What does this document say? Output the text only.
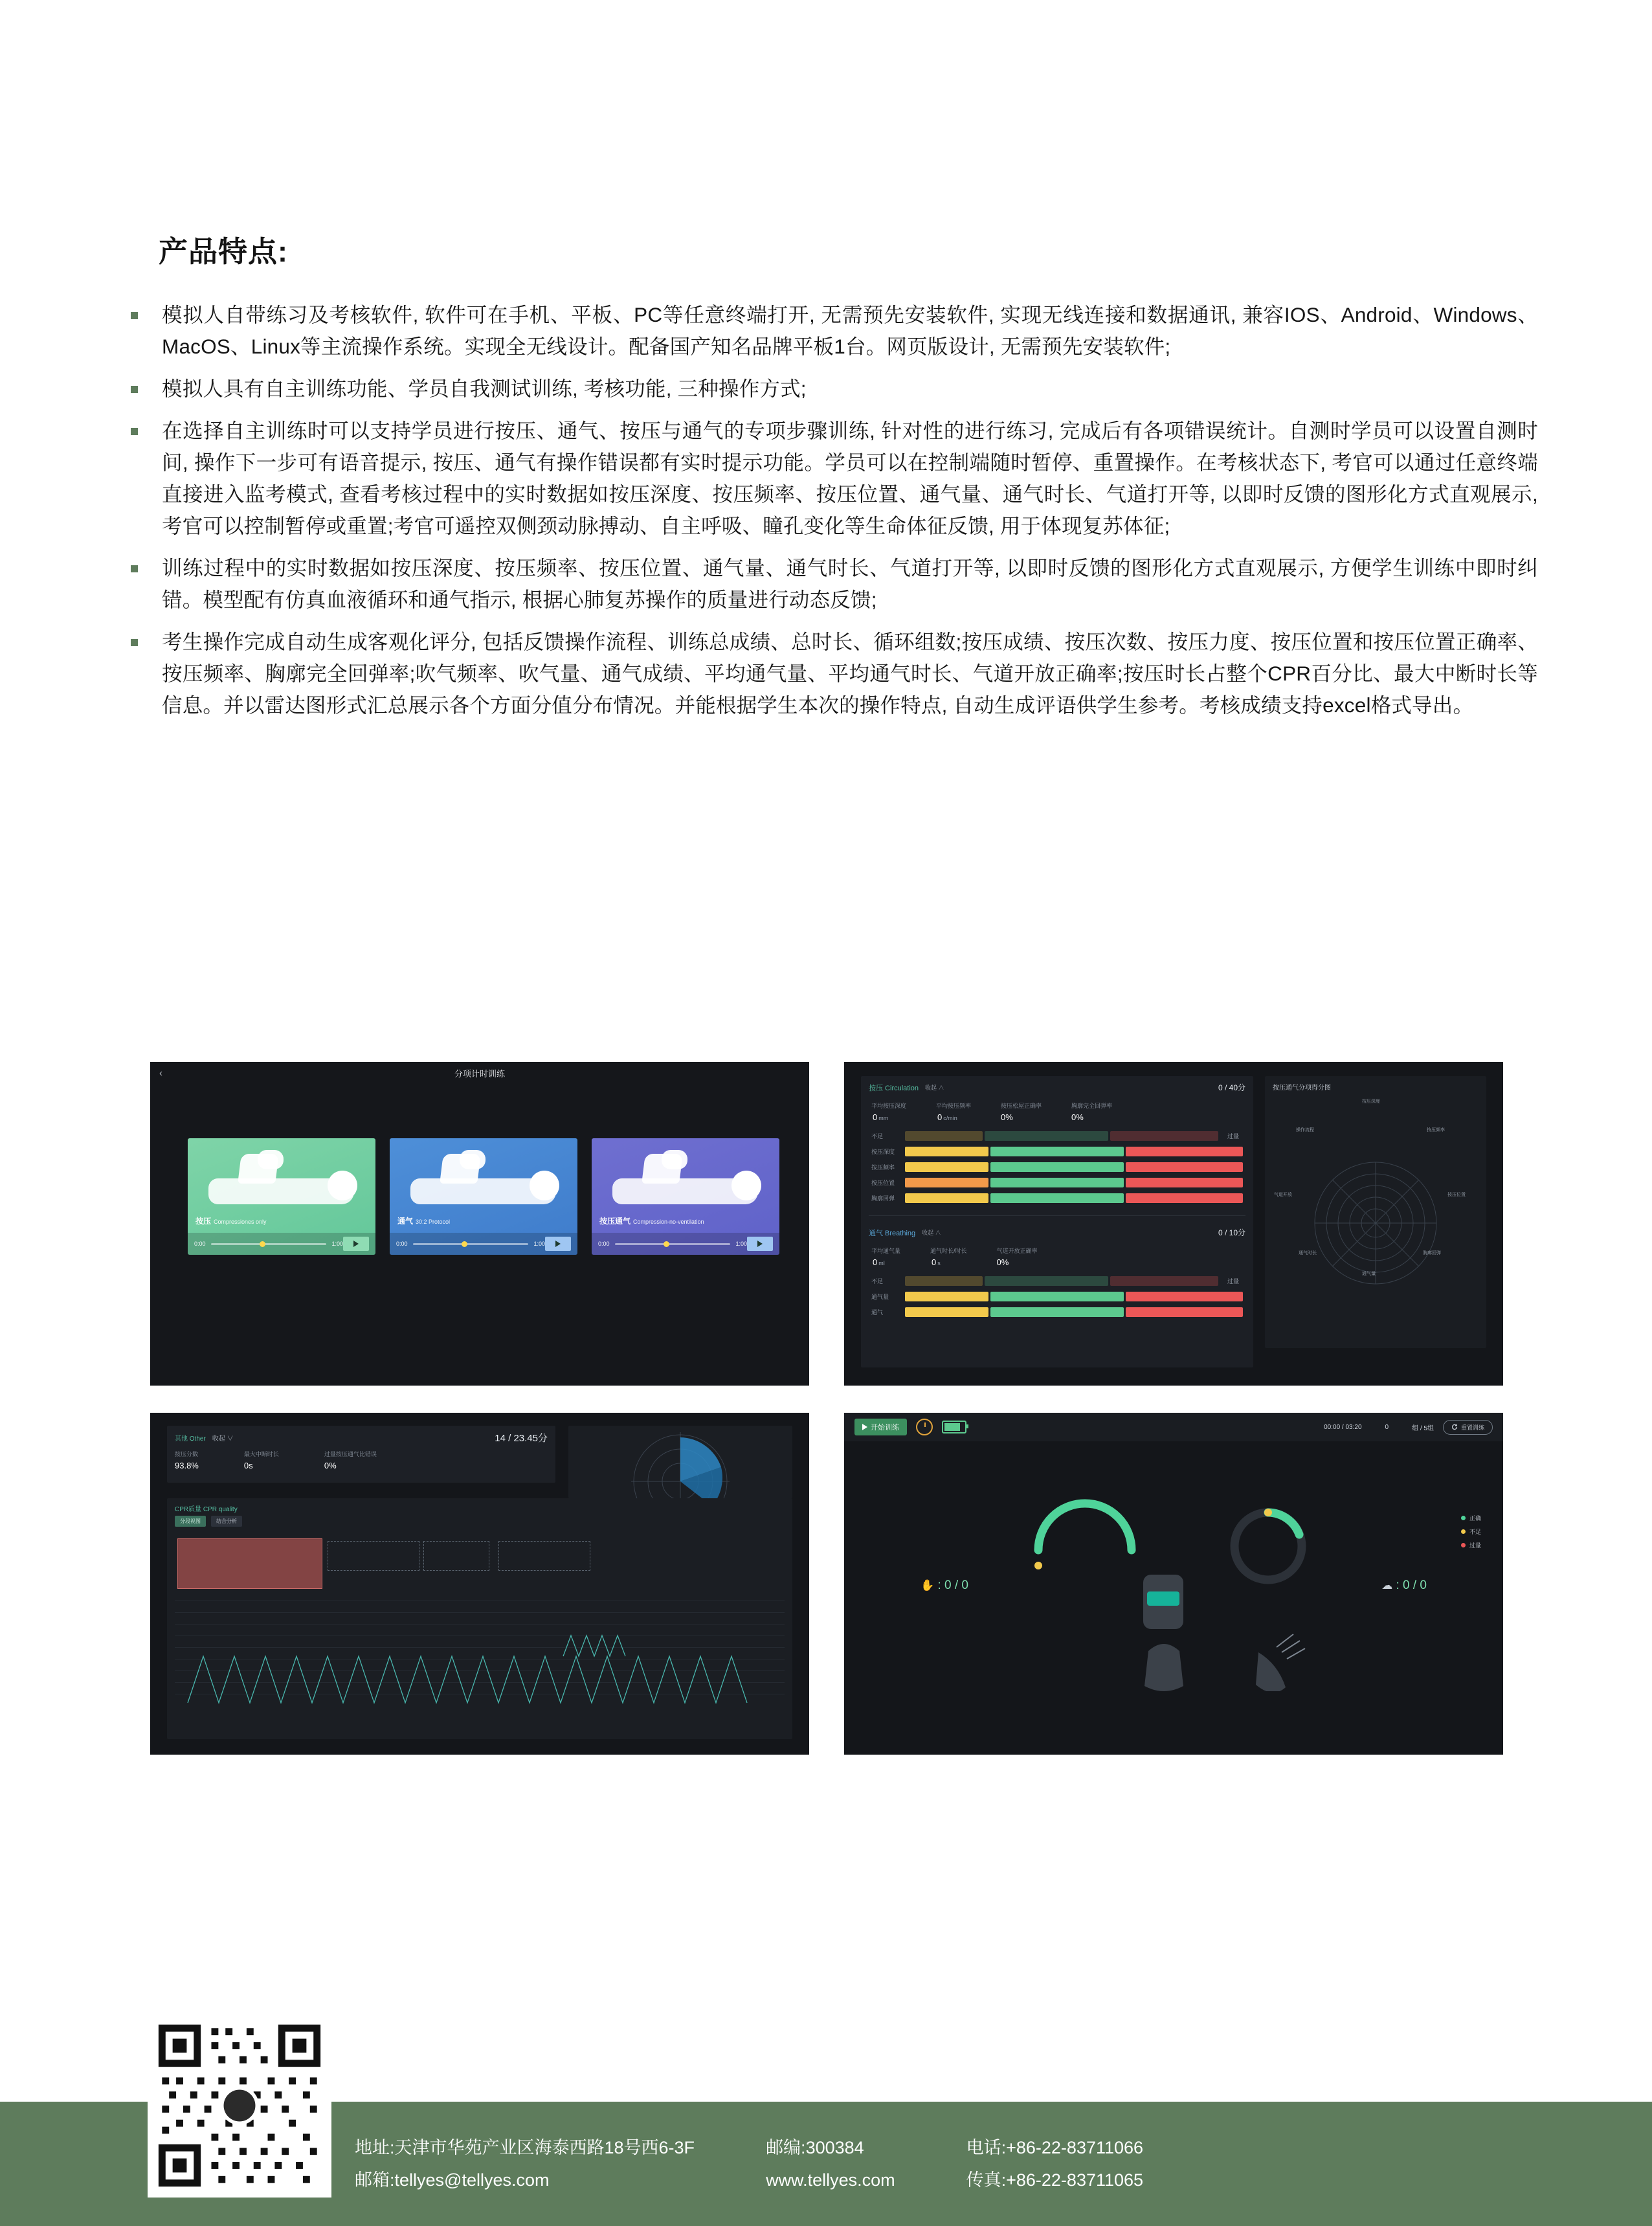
产品特点:
模拟人自带练习及考核软件, 软件可在手机、平板、PC等任意终端打开, 无需预先安装软件, 实现无线连接和数据通讯, 兼容IOS、Android、Windows、MacOS、Linux等主流操作系统。实现全无线设计。配备国产知名品牌平板1台。网页版设计, 无需预先安装软件;
模拟人具有自主训练功能、学员自我测试训练, 考核功能, 三种操作方式;
在选择自主训练时可以支持学员进行按压、通气、按压与通气的专项步骤训练, 针对性的进行练习, 完成后有各项错误统计。自测时学员可以设置自测时间, 操作下一步可有语音提示, 按压、通气有操作错误都有实时提示功能。学员可以在控制端随时暂停、重置操作。在考核状态下, 考官可以通过任意终端直接进入监考模式, 查看考核过程中的实时数据如按压深度、按压频率、按压位置、通气量、通气时长、气道打开等, 以即时反馈的图形化方式直观展示, 考官可以控制暂停或重置;考官可遥控双侧颈动脉搏动、自主呼吸、瞳孔变化等生命体征反馈, 用于体现复苏体征;
训练过程中的实时数据如按压深度、按压频率、按压位置、通气量、通气时长、气道打开等, 以即时反馈的图形化方式直观展示, 方便学生训练中即时纠错。模型配有仿真血液循环和通气指示, 根据心肺复苏操作的质量进行动态反馈;
考生操作完成自动生成客观化评分, 包括反馈操作流程、训练总成绩、总时长、循环组数;按压成绩、按压次数、按压力度、按压位置和按压位置正确率、按压频率、胸廓完全回弹率;吹气频率、吹气量、通气成绩、平均通气量、平均通气时长、气道开放正确率;按压时长占整个CPR百分比、最大中断时长等信息。并以雷达图形式汇总展示各个方面分值分布情况。并能根据学生本次的操作特点, 自动生成评语供学生参考。考核成绩支持excel格式导出。
‹	分项计时训练
按压 Compressiones only
0:00	1:00
通气 30:2 Protocol
0:00	1:00
按压通气 Compression-no-ventilation
0:00	1:00
按压 Circulation 收起 ∧	0 / 40分
平均按压深度
0 mm
平均按压频率
0 c/min
按压松屋正确率
0%
胸廓完全回弹率
0%
不足	过量
按压深度
按压频率
按压位置
胸廓回弹
通气 Breathing 收起 ∧	0 / 10分
平均通气量
0 ml
通气时长/时长
0 s
气道开放正确率
0%
不足	过量
通气量
通气
按压通气分项得分图
按压深度
按压频率
按压位置
胸廓回弹
通气量
通气时长
气道开放
操作流程
其他 Other 收起 ∨	14 / 23.45分
按压分数
93.8%
最大中断时长
0s
过量按压通气比错误
0%
CPR质量 CPR quality
分段视图	结合分析
开始训练	00:00 / 03:20	0	组 / 5组	重置训练
正确
不足
过量
✋ : 0 / 0	☁ : 0 / 0
地址:天津市华苑产业区海泰西路18号西6-3F
邮箱:tellyes@tellyes.com
邮编:300384
www.tellyes.com
电话:+86-22-83711066
传真:+86-22-83711065
